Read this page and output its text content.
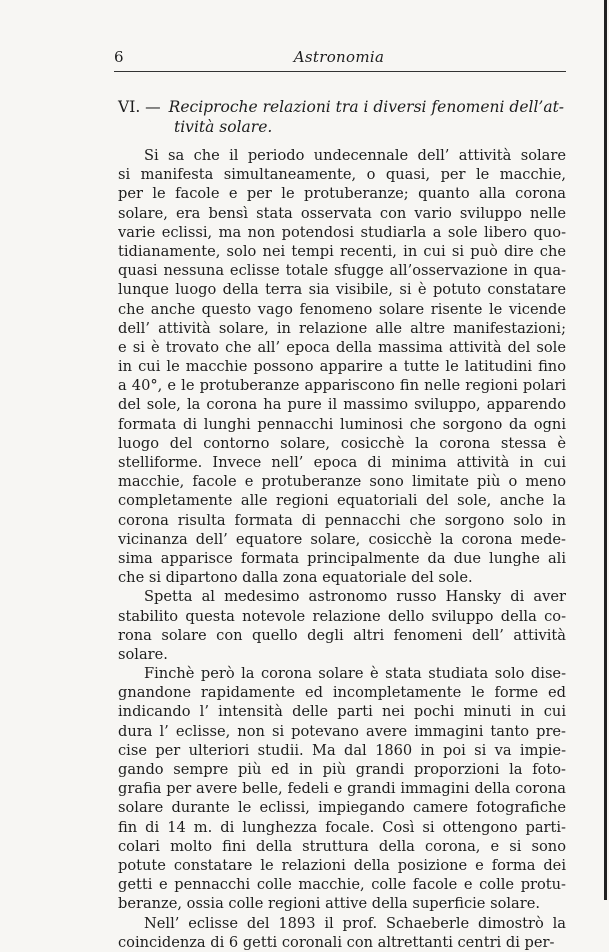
6	Astronomia
VI. — Reciproche relazioni tra i diversi fenomeni dell’at-
tività solare.
Si sa che il periodo undecennale dell’ attività solare
si manifesta simultaneamente, o quasi, per le macchie,
per le facole e per le protuberanze; quanto alla corona
solare, era bensì stata osservata con vario sviluppo nelle
varie eclissi, ma non potendosi studiarla a sole libero quo-
tidianamente, solo nei tempi recenti, in cui si può dire che
quasi nessuna eclisse totale sfugge all’osservazione in qua-
lunque luogo della terra sia visibile, si è potuto constatare
che anche questo vago fenomeno solare risente le vicende
dell’ attività solare, in relazione alle altre manifestazioni;
e si è trovato che all’ epoca della massima attività del sole
in cui le macchie possono apparire a tutte le latitudini fino
a 40°, e le protuberanze appariscono fin nelle regioni polari
del sole, la corona ha pure il massimo sviluppo, apparendo
formata di lunghi pennacchi luminosi che sorgono da ogni
luogo del contorno solare, cosicchè la corona stessa è
stelliforme. Invece nell’ epoca di minima attività in cui
macchie, facole e protuberanze sono limitate più o meno
completamente alle regioni equatoriali del sole, anche la
corona risulta formata di pennacchi che sorgono solo in
vicinanza dell’ equatore solare, cosicchè la corona mede-
sima apparisce formata principalmente da due lunghe ali
che si dipartono dalla zona equatoriale del sole.
Spetta al medesimo astronomo russo Hansky di aver
stabilito questa notevole relazione dello sviluppo della co-
rona solare con quello degli altri fenomeni dell’ attività
solare.
Finchè però la corona solare è stata studiata solo dise-
gnandone rapidamente ed incompletamente le forme ed
indicando l’ intensità delle parti nei pochi minuti in cui
dura l’ eclisse, non si potevano avere immagini tanto pre-
cise per ulteriori studii. Ma dal 1860 in poi si va impie-
gando sempre più ed in più grandi proporzioni la foto-
grafia per avere belle, fedeli e grandi immagini della corona
solare durante le eclissi, impiegando camere fotografiche
fin di 14 m. di lunghezza focale. Così si ottengono parti-
colari molto fini della struttura della corona, e si sono
potute constatare le relazioni della posizione e forma dei
getti e pennacchi colle macchie, colle facole e colle protu-
beranze, ossia colle regioni attive della superficie solare.
Nell’ eclisse del 1893 il prof. Schaeberle dimostrò la
coincidenza di 6 getti coronali con altrettanti centri di per-
